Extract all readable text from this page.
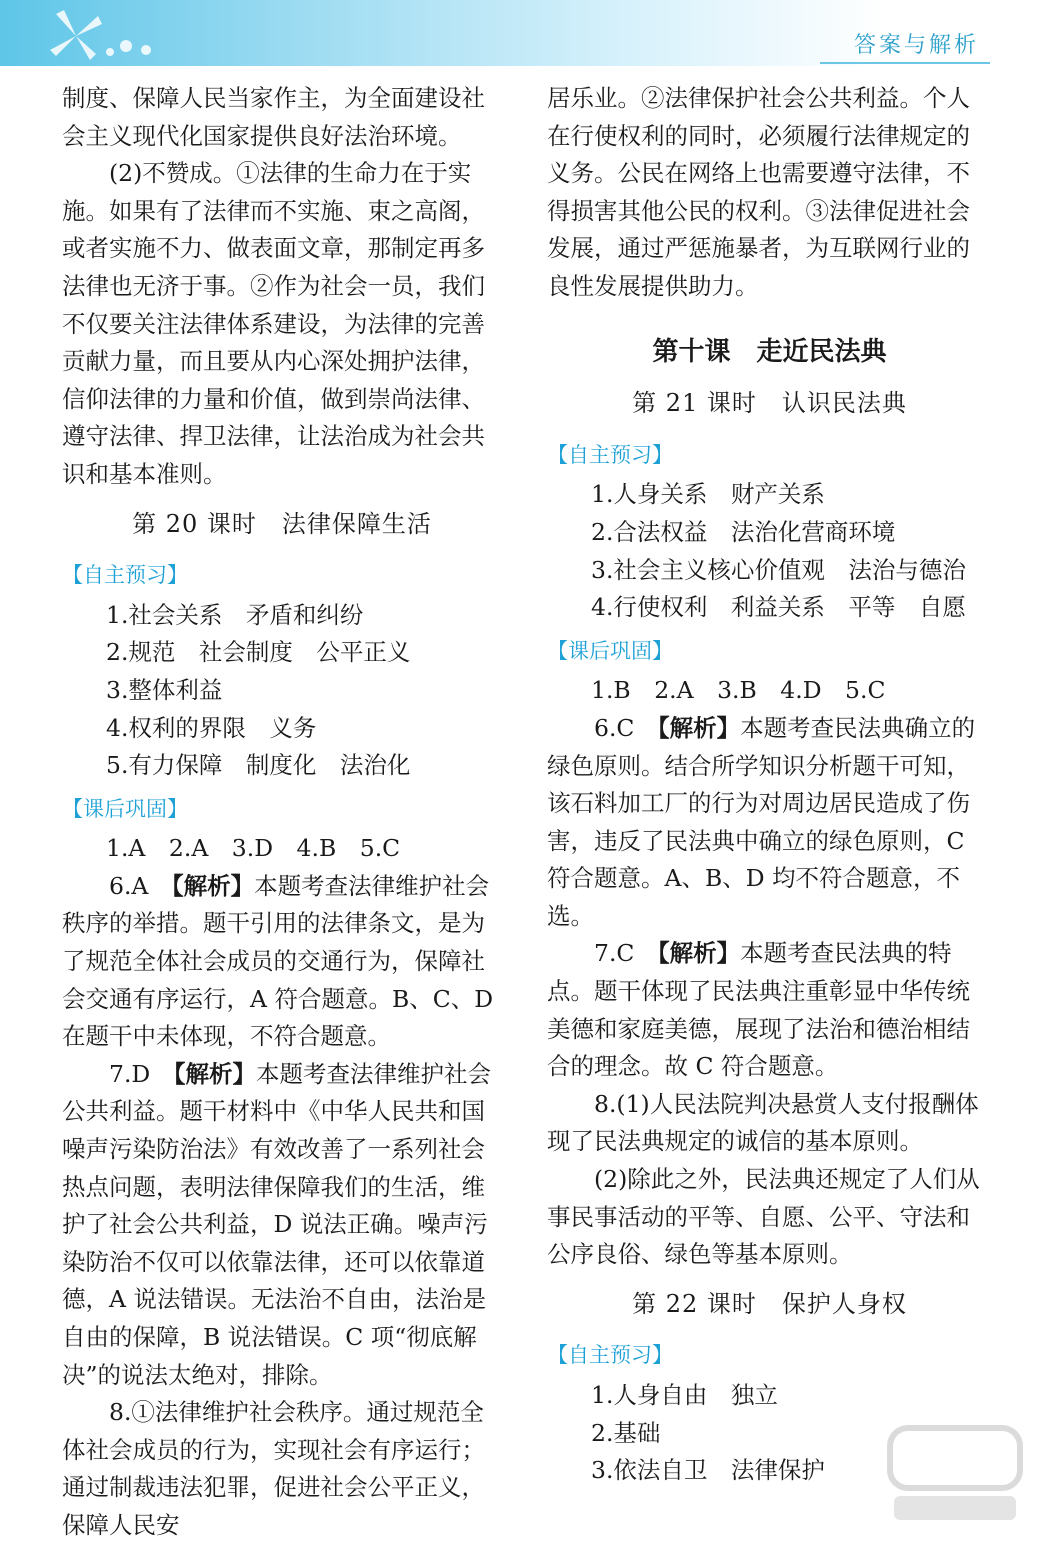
答案与解析

制度、保障人民当家作主，为全面建设社会主义现代化国家提供良好法治环境。

(2)不赞成。①法律的生命力在于实施。如果有了法律而不实施、束之高阁，或者实施不力、做表面文章，那制定再多法律也无济于事。②作为社会一员，我们不仅要关注法律体系建设，为法律的完善贡献力量，而且要从内心深处拥护法律，信仰法律的力量和价值，做到崇尚法律、遵守法律、捍卫法律，让法治成为社会共识和基本准则。

第 20 课时　法律保障生活
【自主预习】
1.社会关系　矛盾和纠纷
2.规范　社会制度　公平正义
3.整体利益
4.权利的界限　义务
5.有力保障　制度化　法治化
【课后巩固】
1.A　2.A　3.D　4.B　5.C

6.A　【解析】本题考查法律维护社会秩序的举措。题干引用的法律条文，是为了规范全体社会成员的交通行为，保障社会交通有序运行，A 符合题意。B、C、D 在题干中未体现，不符合题意。

7.D　【解析】本题考查法律维护社会公共利益。题干材料中《中华人民共和国噪声污染防治法》有效改善了一系列社会热点问题，表明法律保障我们的生活，维护了社会公共利益，D 说法正确。噪声污染防治不仅可以依靠法律，还可以依靠道德，A 说法错误。无法治不自由，法治是自由的保障，B 说法错误。C 项“彻底解决”的说法太绝对，排除。

8.①法律维护社会秩序。通过规范全体社会成员的行为，实现社会有序运行；通过制裁违法犯罪，促进社会公平正义，保障人民安

居乐业。②法律保护社会公共利益。个人在行使权利的同时，必须履行法律规定的义务。公民在网络上也需要遵守法律，不得损害其他公民的权利。③法律促进社会发展，通过严惩施暴者，为互联网行业的良性发展提供助力。

第十课　走近民法典
第 21 课时　认识民法典
【自主预习】
1.人身关系　财产关系
2.合法权益　法治化营商环境
3.社会主义核心价值观　法治与德治
4.行使权利　利益关系　平等　自愿
【课后巩固】
1.B　2.A　3.B　4.D　5.C

6.C　【解析】本题考查民法典确立的绿色原则。结合所学知识分析题干可知，该石料加工厂的行为对周边居民造成了伤害，违反了民法典中确立的绿色原则，C 符合题意。A、B、D 均不符合题意，不选。

7.C　【解析】本题考查民法典的特点。题干体现了民法典注重彰显中华传统美德和家庭美德，展现了法治和德治相结合的理念。故 C 符合题意。

8.(1)人民法院判决悬赏人支付报酬体现了民法典规定的诚信的基本原则。

(2)除此之外，民法典还规定了人们从事民事活动的平等、自愿、公平、守法和公序良俗、绿色等基本原则。

第 22 课时　保护人身权
【自主预习】
1.人身自由　独立
2.基础
3.依法自卫　法律保护
